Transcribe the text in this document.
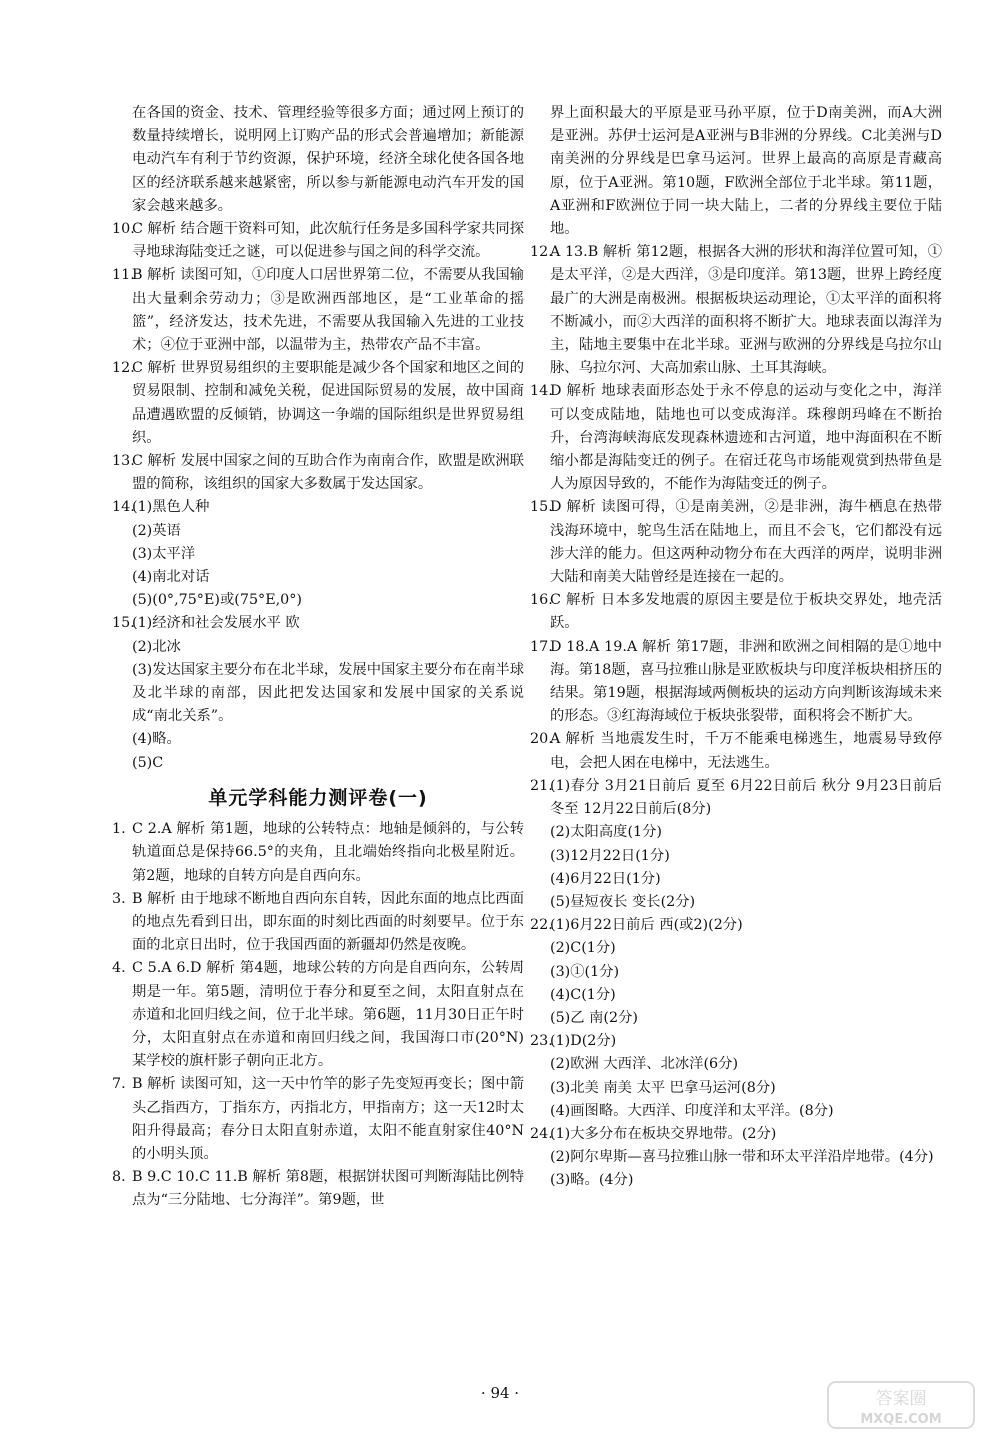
在各国的资金、技术、管理经验等很多方面；通过网上预订的数量持续增长，说明网上订购产品的形式会普遍增加；新能源电动汽车有利于节约资源，保护环境，经济全球化使各国各地区的经济联系越来越紧密，所以参与新能源电动汽车开发的国家会越来越多。

10.
C 解析 结合题干资料可知，此次航行任务是多国科学家共同探寻地球海陆变迁之谜，可以促进参与国之间的科学交流。
11.
B 解析 读图可知，①印度人口居世界第二位，不需要从我国输出大量剩余劳动力；③是欧洲西部地区，是“工业革命的摇篮”，经济发达，技术先进，不需要从我国输入先进的工业技术；④位于亚洲中部，以温带为主，热带农产品不丰富。
12.
C 解析 世界贸易组织的主要职能是减少各个国家和地区之间的贸易限制、控制和减免关税，促进国际贸易的发展，故中国商品遭遇欧盟的反倾销，协调这一争端的国际组织是世界贸易组织。
13.
C 解析 发展中国家之间的互助合作为南南合作，欧盟是欧洲联盟的简称，该组织的国家大多数属于发达国家。
14.
(1)黑色人种
(2)英语
(3)太平洋
(4)南北对话
(5)(0°,75°E)或(75°E,0°)
15.
(1)经济和社会发展水平 欧
(2)北冰
(3)发达国家主要分布在北半球，发展中国家主要分布在南半球及北半球的南部，因此把发达国家和发展中国家的关系说成“南北关系”。
(4)略。
(5)C
单元学科能力测评卷(一)
1. C 2.A 解析 第1题，地球的公转特点：地轴是倾斜的，与公转轨道面总是保持66.5°的夹角，且北端始终指向北极星附近。第2题，地球的自转方向是自西向东。
3. B 解析 由于地球不断地自西向东自转，因此东面的地点比西面的地点先看到日出，即东面的时刻比西面的时刻要早。位于东面的北京日出时，位于我国西面的新疆却仍然是夜晚。
4. C 5.A 6.D 解析 第4题，地球公转的方向是自西向东，公转周期是一年。第5题，清明位于春分和夏至之间，太阳直射点在赤道和北回归线之间，位于北半球。第6题，11月30日正午时分，太阳直射点在赤道和南回归线之间，我国海口市(20°N)某学校的旗杆影子朝向正北方。
7. B 解析 读图可知，这一天中竹竿的影子先变短再变长；图中箭头乙指西方，丁指东方，丙指北方，甲指南方；这一天12时太阳升得最高；春分日太阳直射赤道，太阳不能直射家住40°N的小明头顶。
8. B 9.C 10.C 11.B 解析 第8题，根据饼状图可判断海陆比例特点为“三分陆地、七分海洋”。第9题，世

界上面积最大的平原是亚马孙平原，位于D南美洲，而A大洲是亚洲。苏伊士运河是A亚洲与B非洲的分界线。C北美洲与D南美洲的分界线是巴拿马运河。世界上最高的高原是青藏高原，位于A亚洲。第10题，F欧洲全部位于北半球。第11题，A亚洲和F欧洲位于同一块大陆上，二者的分界线主要位于陆地。

12.
A 13.B 解析 第12题，根据各大洲的形状和海洋位置可知，①是太平洋，②是大西洋，③是印度洋。第13题，世界上跨经度最广的大洲是南极洲。根据板块运动理论，①太平洋的面积将不断减小，而②大西洋的面积将不断扩大。地球表面以海洋为主，陆地主要集中在北半球。亚洲与欧洲的分界线是乌拉尔山脉、乌拉尔河、大高加索山脉、土耳其海峡。
14.
D 解析 地球表面形态处于永不停息的运动与变化之中，海洋可以变成陆地，陆地也可以变成海洋。珠穆朗玛峰在不断抬升，台湾海峡海底发现森林遗迹和古河道，地中海面积在不断缩小都是海陆变迁的例子。在宿迁花鸟市场能观赏到热带鱼是人为原因导致的，不能作为海陆变迁的例子。
15.
D 解析 读图可得，①是南美洲，②是非洲，海牛栖息在热带浅海环境中，鸵鸟生活在陆地上，而且不会飞，它们都没有远涉大洋的能力。但这两种动物分布在大西洋的两岸，说明非洲大陆和南美大陆曾经是连接在一起的。
16.
C 解析 日本多发地震的原因主要是位于板块交界处，地壳活跃。
17.
D 18.A 19.A 解析 第17题，非洲和欧洲之间相隔的是①地中海。第18题，喜马拉雅山脉是亚欧板块与印度洋板块相挤压的结果。第19题，根据海域两侧板块的运动方向判断该海域未来的形态。③红海海域位于板块张裂带，面积将会不断扩大。
20.
A 解析 当地震发生时，千万不能乘电梯逃生，地震易导致停电，会把人困在电梯中，无法逃生。
21.
(1)春分 3月21日前后 夏至 6月22日前后 秋分 9月23日前后 冬至 12月22日前后(8分)
(2)太阳高度(1分)
(3)12月22日(1分)
(4)6月22日(1分)
(5)昼短夜长 变长(2分)
22.
(1)6月22日前后 西(或2)(2分)
(2)C(1分)
(3)①(1分)
(4)C(1分)
(5)乙 南(2分)
23.
(1)D(2分)
(2)欧洲 大西洋、北冰洋(6分)
(3)北美 南美 太平 巴拿马运河(8分)
(4)画图略。大西洋、印度洋和太平洋。(8分)
24.
(1)大多分布在板块交界地带。(2分)
(2)阿尔卑斯—喜马拉雅山脉一带和环太平洋沿岸地带。(4分)
(3)略。(4分)
· 94 ·	答案圈
MXQE.COM
